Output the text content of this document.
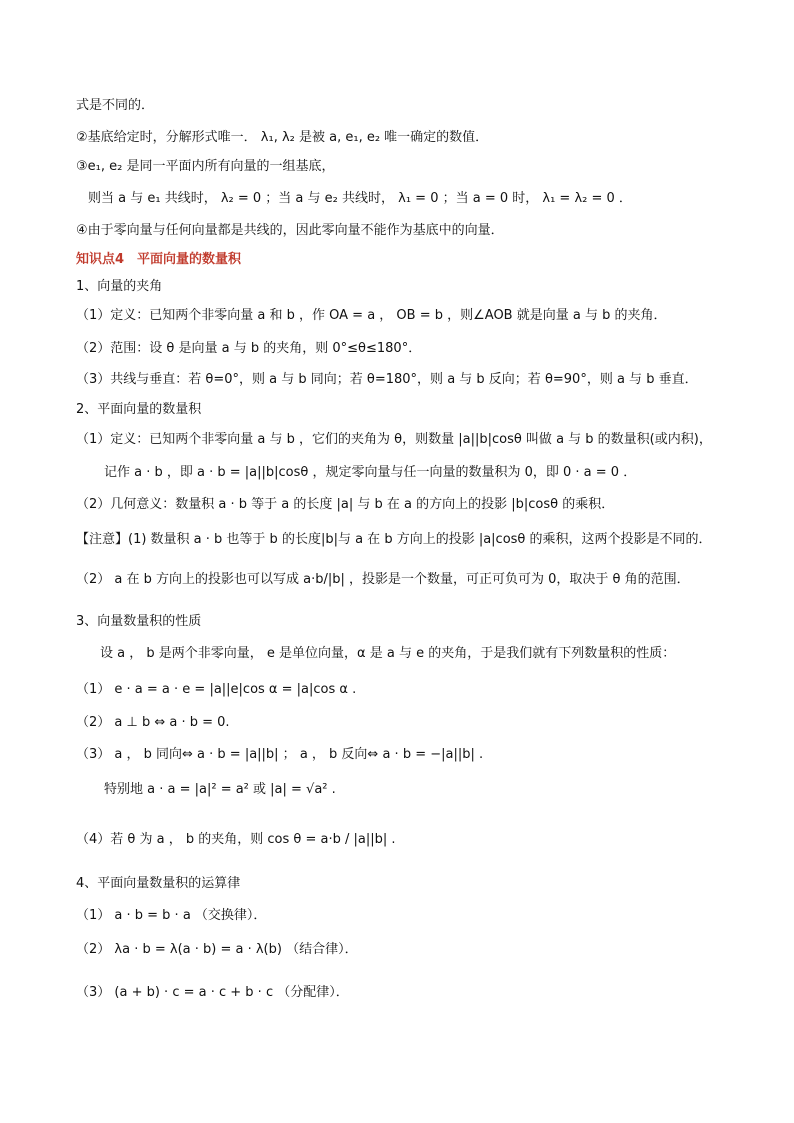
式是不同的．
②基底给定时，分解形式唯一． λ₁, λ₂ 是被 a, e₁, e₂ 唯一确定的数值．
③e₁, e₂ 是同一平面内所有向量的一组基底，
则当 a 与 e₁ 共线时， λ₂ = 0 ；当 a 与 e₂ 共线时， λ₁ = 0 ；当 a = 0 时， λ₁ = λ₂ = 0 ．
④由于零向量与任何向量都是共线的，因此零向量不能作为基底中的向量．
知识点4　平面向量的数量积
1、向量的夹角
（1）定义：已知两个非零向量 a 和 b ，作 OA = a ， OB = b ，则∠AOB 就是向量 a 与 b 的夹角．
（2）范围：设 θ 是向量 a 与 b 的夹角，则 0°≤θ≤180°．
（3）共线与垂直：若 θ=0°，则 a 与 b 同向；若 θ=180°，则 a 与 b 反向；若 θ=90°，则 a 与 b 垂直．
2、平面向量的数量积
（1）定义：已知两个非零向量 a 与 b ，它们的夹角为 θ，则数量 |a||b|cosθ 叫做 a 与 b 的数量积(或内积)，
记作 a · b ，即 a · b = |a||b|cosθ ，规定零向量与任一向量的数量积为 0，即 0 · a = 0 ．
（2）几何意义：数量积 a · b 等于 a 的长度 |a| 与 b 在 a 的方向上的投影 |b|cosθ 的乘积．
【注意】(1) 数量积 a · b 也等于 b 的长度|b|与 a 在 b 方向上的投影 |a|cosθ 的乘积，这两个投影是不同的．
（2） a 在 b 方向上的投影也可以写成 a·b/|b| ，投影是一个数量，可正可负可为 0，取决于 θ 角的范围．
3、向量数量积的性质
设 a ， b 是两个非零向量， e 是单位向量，α 是 a 与 e 的夹角，于是我们就有下列数量积的性质：
（1） e · a = a · e = |a||e|cos α = |a|cos α .
（2） a ⊥ b ⇔ a · b = 0.
（3） a ， b 同向⇔ a · b = |a||b| ； a ， b 反向⇔ a · b = −|a||b| .
特别地 a · a = |a|² = a² 或 |a| = √a² .
（4）若 θ 为 a ， b 的夹角，则 cos θ = a·b / |a||b| .
4、平面向量数量积的运算律
（1） a · b = b · a （交换律）．
（2） λa · b = λ(a · b) = a · λ(b) （结合律）．
（3） (a + b) · c = a · c + b · c （分配律）．
